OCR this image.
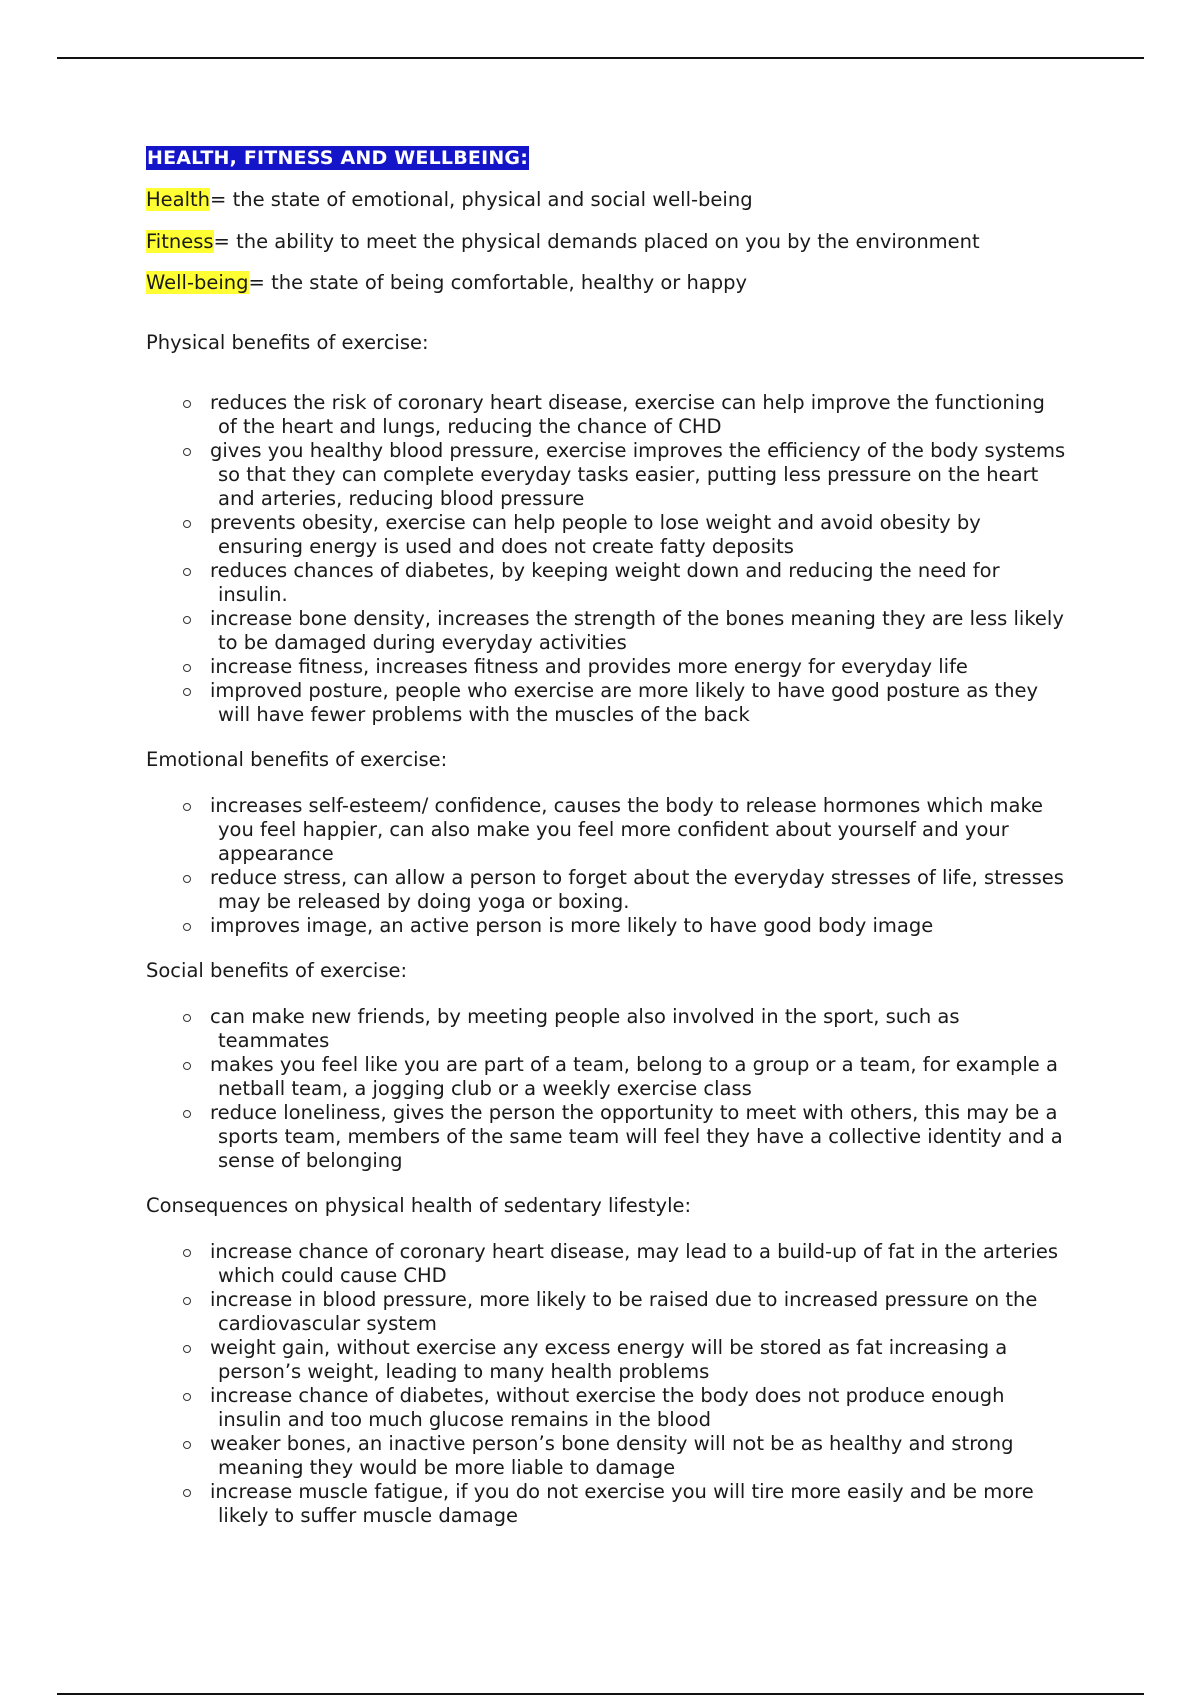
HEALTH, FITNESS AND WELLBEING:

Health= the state of emotional, physical and social well-being

Fitness= the ability to meet the physical demands placed on you by the environment

Well-being= the state of being comfortable, healthy or happy

Physical benefits of exercise:

reduces the risk of coronary heart disease, exercise can help improve the functioning of the heart and lungs, reducing the chance of CHD
gives you healthy blood pressure, exercise improves the efficiency of the body systems so that they can complete everyday tasks easier, putting less pressure on the heart and arteries, reducing blood pressure
prevents obesity, exercise can help people to lose weight and avoid obesity by ensuring energy is used and does not create fatty deposits
reduces chances of diabetes, by keeping weight down and reducing the need for insulin.
increase bone density, increases the strength of the bones meaning they are less likely to be damaged during everyday activities
increase fitness, increases fitness and provides more energy for everyday life
improved posture, people who exercise are more likely to have good posture as they will have fewer problems with the muscles of the back

Emotional benefits of exercise:

increases self-esteem/ confidence, causes the body to release hormones which make you feel happier, can also make you feel more confident about yourself and your appearance
reduce stress, can allow a person to forget about the everyday stresses of life, stresses may be released by doing yoga or boxing.
improves image, an active person is more likely to have good body image

Social benefits of exercise:

can make new friends, by meeting people also involved in the sport, such as teammates
makes you feel like you are part of a team, belong to a group or a team, for example a netball team, a jogging club or a weekly exercise class
reduce loneliness, gives the person the opportunity to meet with others, this may be a sports team, members of the same team will feel they have a collective identity and a sense of belonging

Consequences on physical health of sedentary lifestyle:

increase chance of coronary heart disease, may lead to a build-up of fat in the arteries which could cause CHD
increase in blood pressure, more likely to be raised due to increased pressure on the cardiovascular system
weight gain, without exercise any excess energy will be stored as fat increasing a person’s weight, leading to many health problems
increase chance of diabetes, without exercise the body does not produce enough insulin and too much glucose remains in the blood
weaker bones, an inactive person’s bone density will not be as healthy and strong meaning they would be more liable to damage
increase muscle fatigue, if you do not exercise you will tire more easily and be more likely to suffer muscle damage
